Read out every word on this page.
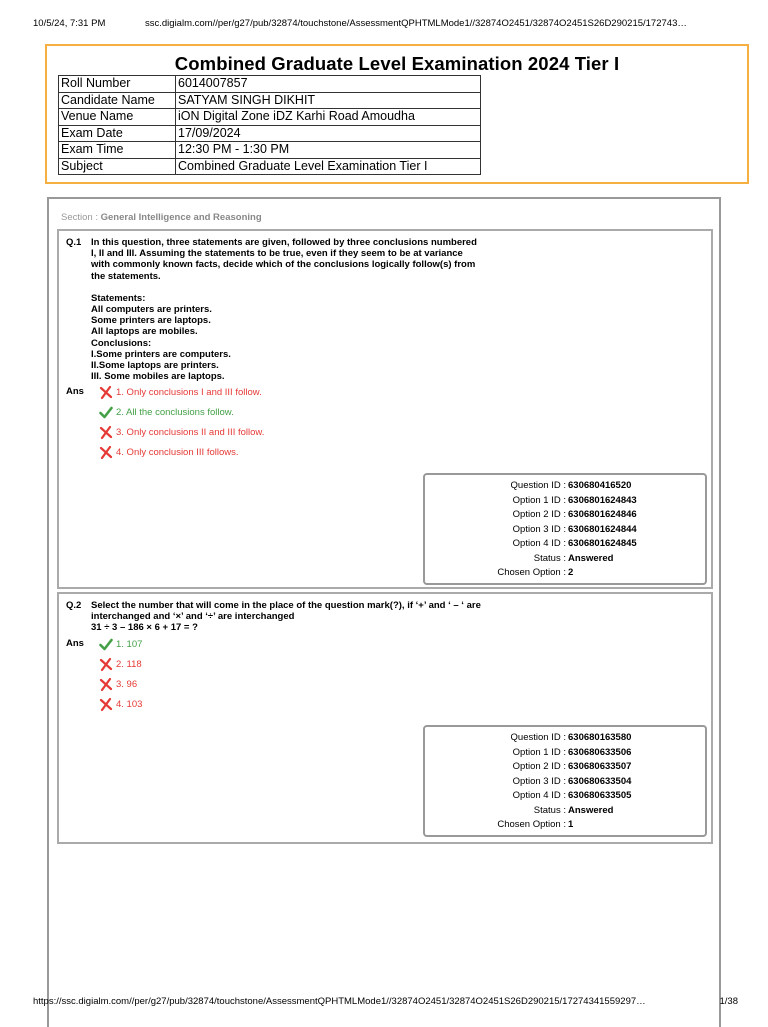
10/5/24, 7:31 PM	ssc.digialm.com//per/g27/pub/32874/touchstone/AssessmentQPHTMLMode1//32874O2451/32874O2451S26D290215/172743…
Combined Graduate Level Examination 2024 Tier I
Roll Number	6014007857
Candidate Name	SATYAM SINGH DIKHIT
Venue Name	iON Digital Zone iDZ Karhi Road Amoudha
Exam Date	17/09/2024
Exam Time	12:30 PM - 1:30 PM
Subject	Combined Graduate Level Examination Tier I
Section : General Intelligence and Reasoning
Q.1	In this question, three statements are given, followed by three conclusions numbered

I, II and III. Assuming the statements to be true, even if they seem to be at variance

with commonly known facts, decide which of the conclusions logically follow(s) from

the statements.

Statements:

All computers are printers.

Some printers are laptops.

All laptops are mobiles.

Conclusions:

I.Some printers are computers.

II.Some laptops are printers.

III. Some mobiles are laptops.

Ans	1. Only conclusions I and III follow.
2. All the conclusions follow.
3. Only conclusions II and III follow.
4. Only conclusion III follows.
Question ID : 630680416520
Option 1 ID : 6306801624843
Option 2 ID : 6306801624846
Option 3 ID : 6306801624844
Option 4 ID : 6306801624845
Status : Answered
Chosen Option : 2
Q.2	Select the number that will come in the place of the question mark(?), if ‘+’ and ‘ – ‘ are

interchanged and ‘×’ and ‘÷’ are interchanged

31 ÷ 3 – 186 × 6 + 17 = ?

Ans	1. 107
2. 118
3. 96
4. 103
Question ID : 630680163580
Option 1 ID : 630680633506
Option 2 ID : 630680633507
Option 3 ID : 630680633504
Option 4 ID : 630680633505
Status : Answered
Chosen Option : 1
https://ssc.digialm.com//per/g27/pub/32874/touchstone/AssessmentQPHTMLMode1//32874O2451/32874O2451S26D290215/17274341559297…	1/38
